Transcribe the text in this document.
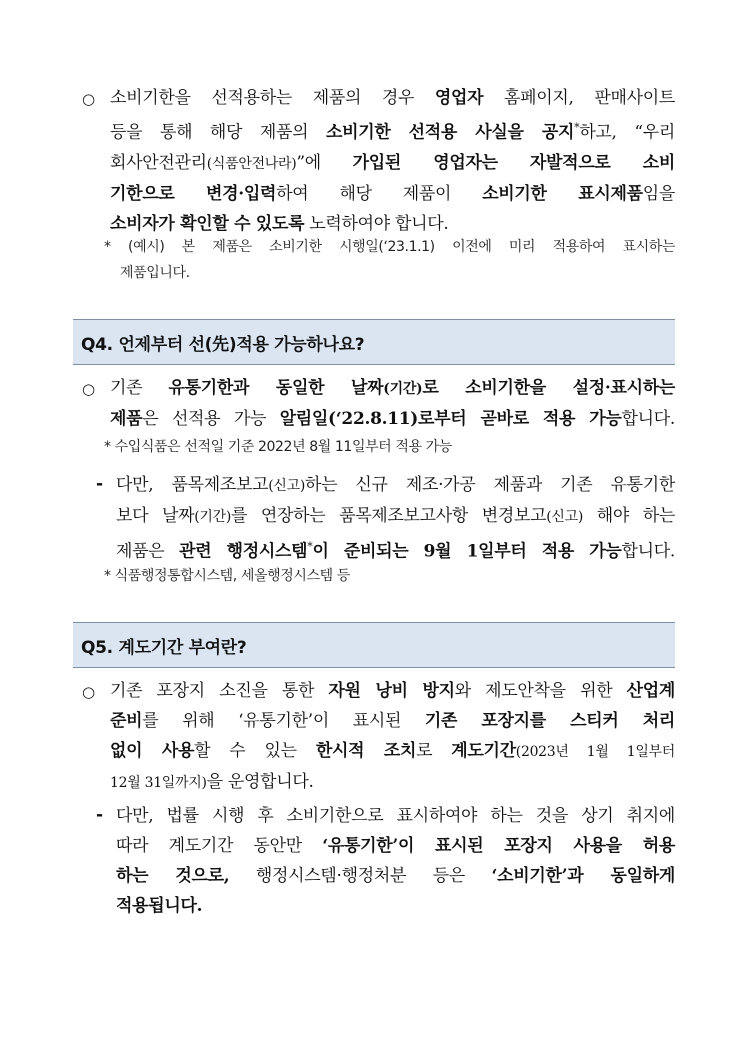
○ 소비기한을 선적용하는 제품의 경우 영업자 홈페이지, 판매사이트
등을 통해 해당 제품의 소비기한 선적용 사실을 공지*하고, “우리
회사안전관리(식품안전나라)”에 가입된 영업자는 자발적으로 소비
기한으로 변경·입력하여 해당 제품이 소비기한 표시제품임을
소비자가 확인할 수 있도록 노력하여야 합니다.
* (예시) 본 제품은 소비기한 시행일(‘23.1.1) 이전에 미리 적용하여 표시하는
제품입니다.
Q4. 언제부터 선(先)적용 가능하나요?
○ 기존 유통기한과 동일한 날짜(기간)로 소비기한을 설정·표시하는
제품은 선적용 가능 알림일(‘22.8.11)로부터 곧바로 적용 가능합니다.
* 수입식품은 선적일 기준 2022년 8월 11일부터 적용 가능
- 다만, 품목제조보고(신고)하는 신규 제조·가공 제품과 기존 유통기한
보다 날짜(기간)를 연장하는 품목제조보고사항 변경보고(신고) 해야 하는
제품은 관련 행정시스템*이 준비되는 9월 1일부터 적용 가능합니다.
* 식품행정통합시스템, 세올행정시스템 등
Q5. 계도기간 부여란?
○ 기존 포장지 소진을 통한 자원 낭비 방지와 제도안착을 위한 산업계
준비를 위해 ‘유통기한’이 표시된 기존 포장지를 스티커 처리
없이 사용할 수 있는 한시적 조치로 계도기간(2023년 1월 1일부터
12월 31일까지)을 운영합니다.
- 다만, 법률 시행 후 소비기한으로 표시하여야 하는 것을 상기 취지에
따라 계도기간 동안만 ‘유통기한’이 표시된 포장지 사용을 허용
하는 것으로, 행정시스템·행정처분 등은 ‘소비기한’과 동일하게
적용됩니다.
